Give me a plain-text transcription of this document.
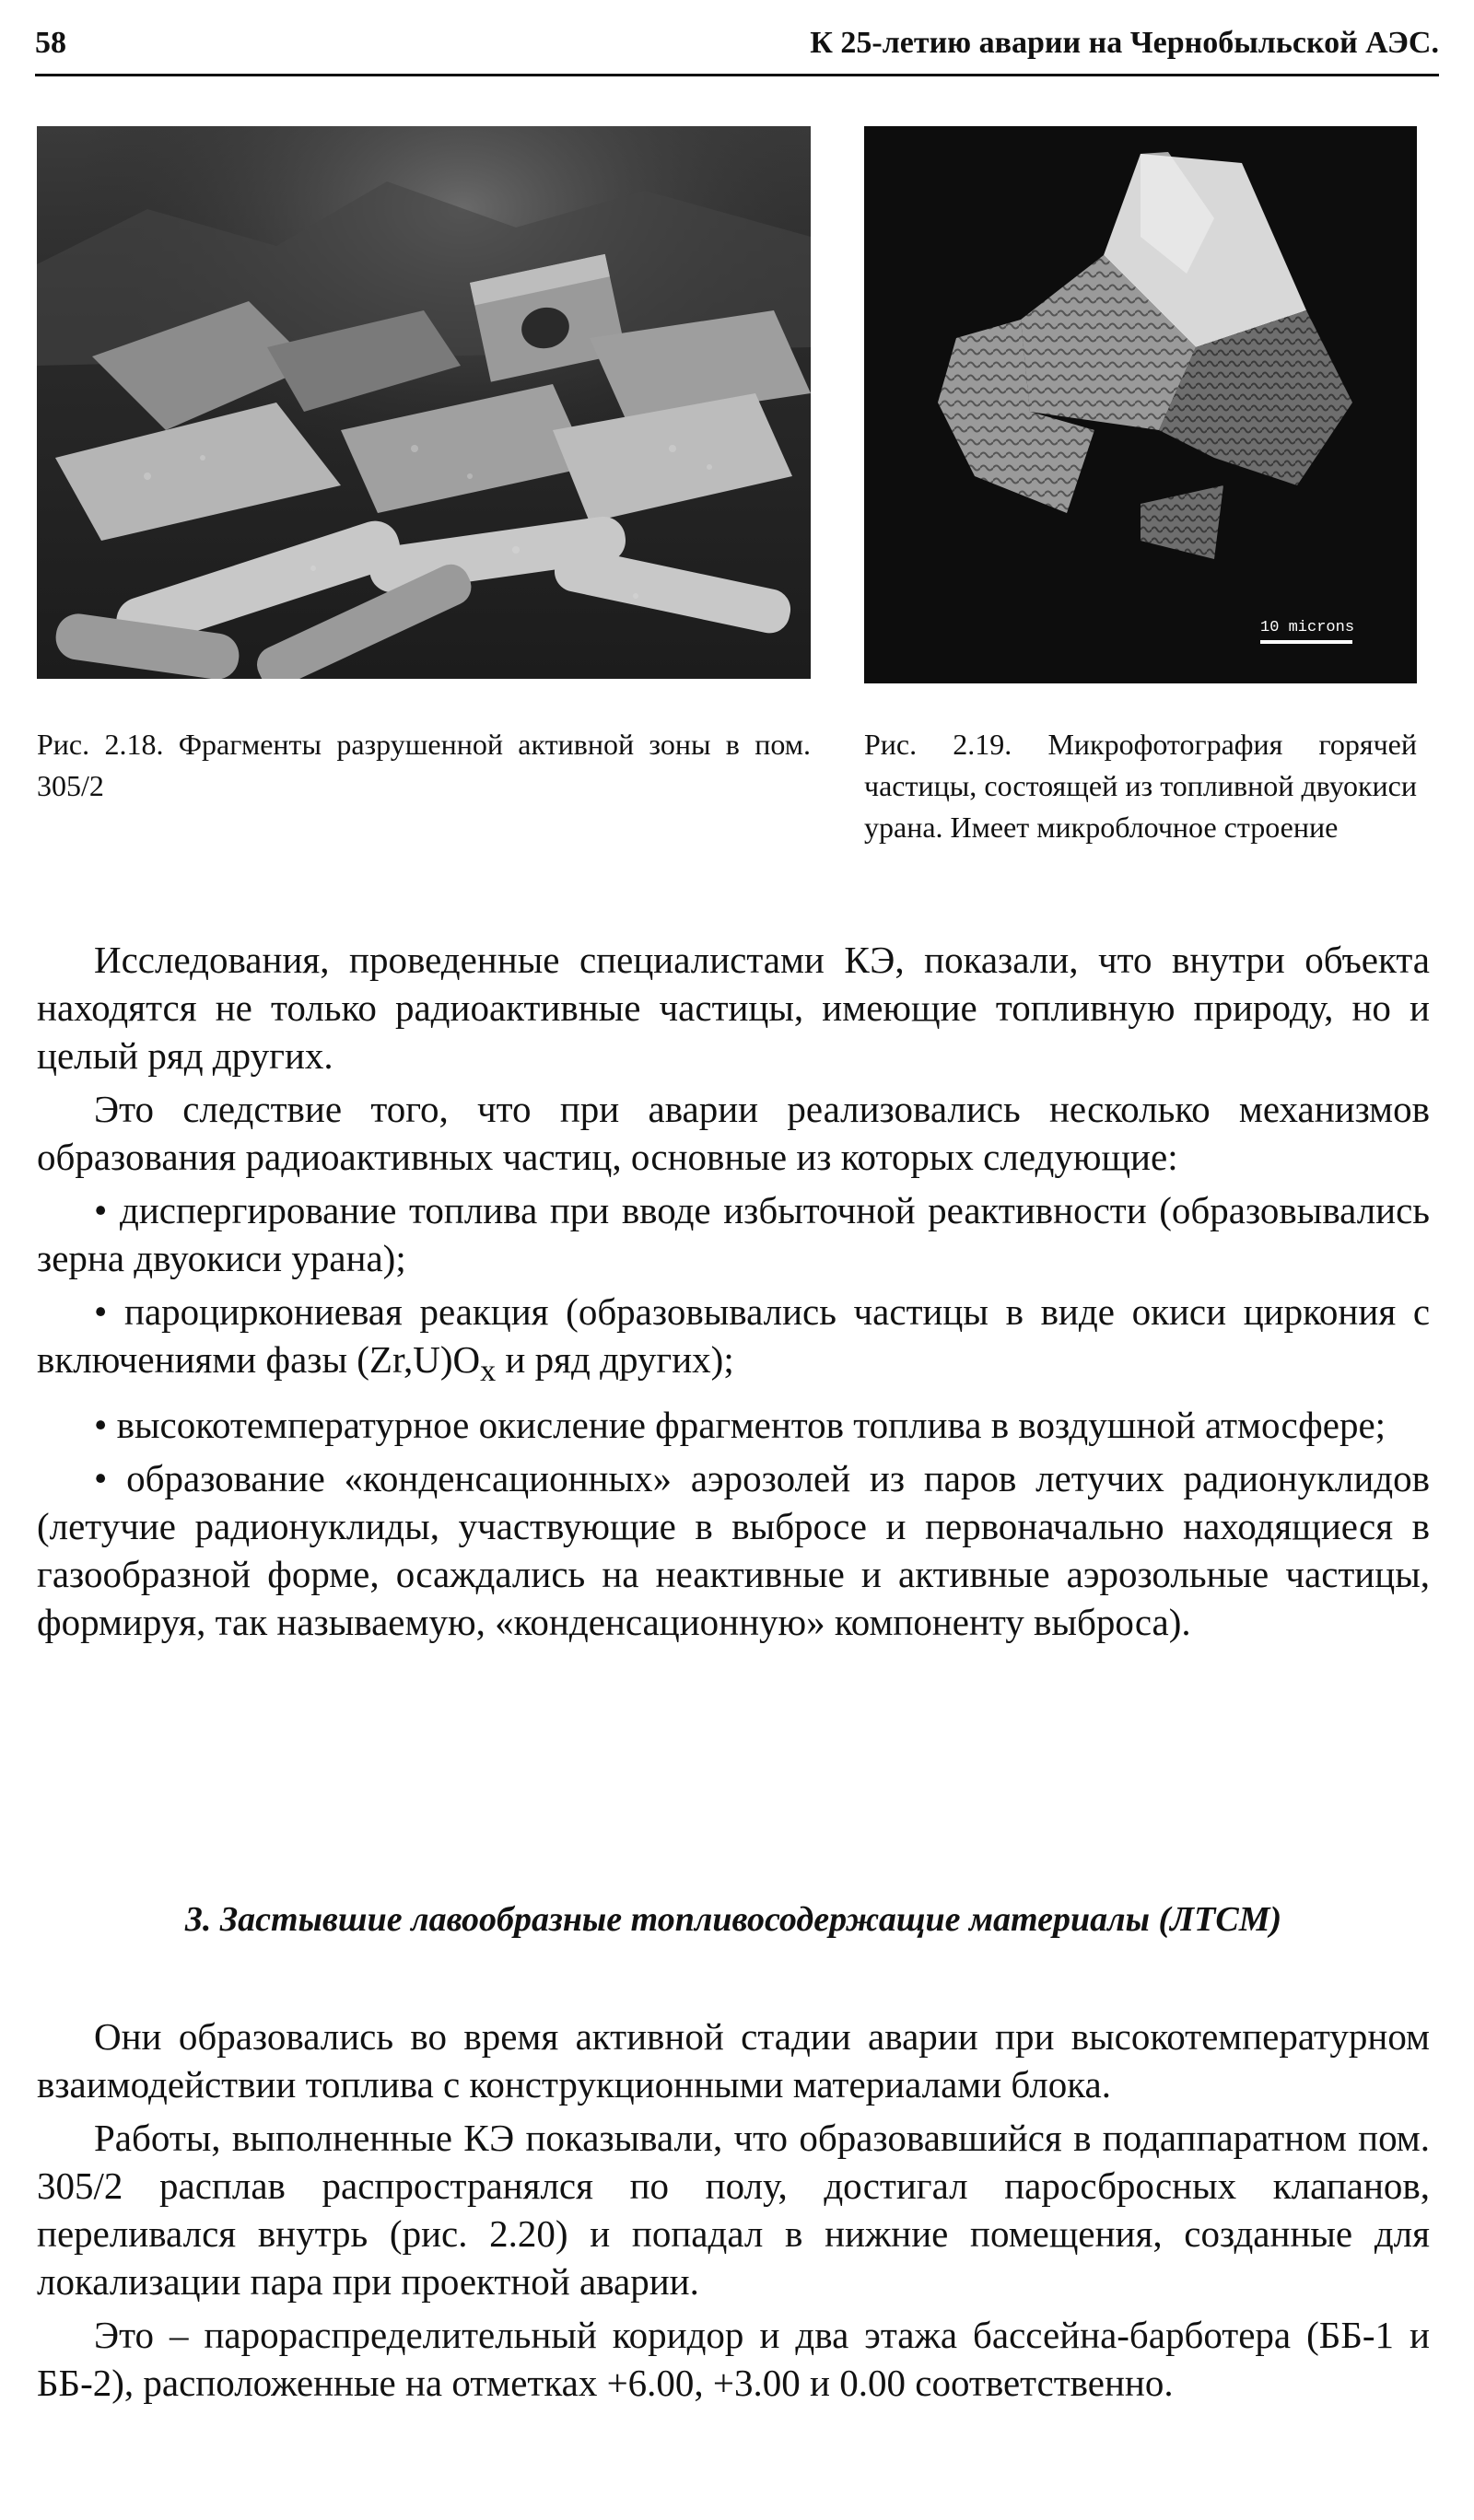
58	К 25-летию аварии на Чернобыльской АЭС.
Рис. 2.18. Фрагменты разрушенной активной зоны в пом. 305/2
10 microns
Рис. 2.19. Микрофотография горячей частицы, состоящей из топливной двуокиси урана. Имеет микроблочное строение

Исследования, проведенные специалистами КЭ, показали, что внутри объекта находятся не только радиоактивные частицы, имеющие топливную природу, но и целый ряд других.

Это следствие того, что при аварии реализовались несколько механизмов образования радиоактивных частиц, основные из которых следующие:

• диспергирование топлива при вводе избыточной реактивности (образовывались зерна двуокиси урана);

• пароциркониевая реакция (образовывались частицы в виде окиси циркония с включениями фазы $(Zr,U)O_x$ и ряд других);

• высокотемпературное окисление фрагментов топлива в воздушной атмосфере;

• образование «конденсационных» аэрозолей из паров летучих радионуклидов (летучие радионуклиды, участвующие в выбросе и первоначально находящиеся в газообразной форме, осаждались на неактивные и активные аэрозольные частицы, формируя, так называемую, «конденсационную» компоненту выброса).

3. Застывшие лавообразные топливосодержащие материалы (ЛТСМ)

Они образовались во время активной стадии аварии при высокотемпературном взаимодействии топлива с конструкционными материалами блока.

Работы, выполненные КЭ показывали, что образовавшийся в подаппаратном пом. 305/2 расплав распространялся по полу, достигал паросбросных клапанов, переливался внутрь (рис. 2.20) и попадал в нижние помещения, созданные для локализации пара при проектной аварии.

Это – пароpаспределительный коридор и два этажа бассейна-барботера (ББ-1 и ББ-2), расположенные на отметках +6.00, +3.00 и 0.00 соответственно.
